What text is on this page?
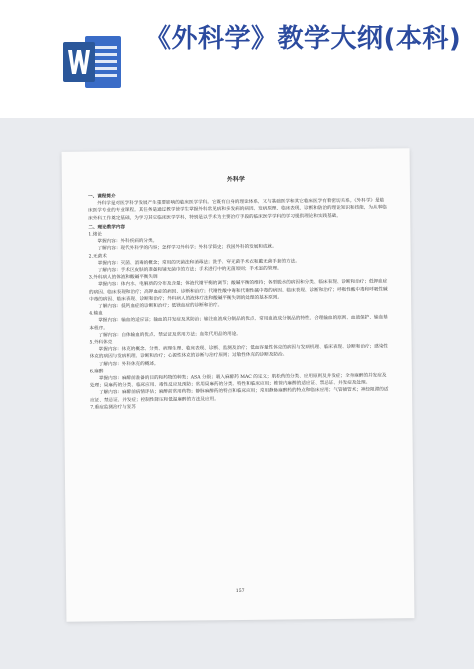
《外科学》教学大纲(本科)
外科学

一、课程简介

外科学是对医学科学发展产生重要影响的临床医学学科。它既有自身的理论体系，又与基础医学和其它临床医学有着密切关系。《外科学》是临床医学专业的专业课程。其任务是通过教学使学生掌握外科常见病和多发病的病因、发病原理、临床表现、诊断和防治的理论知识和技能，为从事临床外科工作奠定基础，为学习其它临床医学学科，特别是以手术为主要治疗手段的临床医学学科的学习提供理论和实践基础。

二、理论教学内容

1.绪论

掌握内容：外科疾病的分类。

了解内容：现代外科学的内容；怎样学习外科学；外科学简史；我国外科的发展和成就。

2.无菌术

掌握内容：灭菌、消毒的概念；常用的灭菌法和消毒法；洗手、穿无菌手术衣和戴无菌手套的方法。

了解内容：手术区皮肤的准备和铺无菌巾的方法；手术进行中的无菌原则；手术室的管理。

3.外科病人的体液和酸碱平衡失调

掌握内容：体内水、电解质的分布及含量；体液代谢平衡的调节；酸碱平衡的维持；各型脱水的病因和分类、临床表现、诊断和治疗；低钾血症的病因、临床表现和治疗；高钾血症的病因、诊断和治疗；代谢性酸中毒和代谢性碱中毒的病因、临床表现、诊断和治疗；呼吸性酸中毒和呼吸性碱中毒的病因、临床表现、诊断和治疗；外科病人的液体疗法和酸碱平衡失调的处理的基本原则。

了解内容：低钙血症的诊断和治疗；低镁血症的诊断和治疗。

4.输血

掌握内容：输血的适应证；输血的并发症及其防治；输注血液成分制品的优点、常用血液成分制品的特性、合理输血的原则、血液保护、输血基本程序。

了解内容：自体输血的优点、禁忌证及常用方法；血浆代用品的用途。

5.外科休克

掌握内容：休克的概念、分类、病理生理、临床表现、诊断、监测及治疗；低血容量性休克的病因与发病机理、临床表现、诊断和治疗；感染性休克的病因与发病机理、诊断和治疗；心源性休克的诊断与治疗原则；过敏性休克的诊断及防治。

了解内容：外科休克的概述。

6.麻醉

掌握内容：麻醉前准备的目的和药物的种类；ASA 分级；吸入麻醉药 MAC 的定义；肌松药的分类、应用原则及并发症；全身麻醉的并发症及处理；局麻药的分类、临床应用、毒性反应及预防；常用局麻药的分类、特性和临床应用；椎管内麻醉的适应证、禁忌证、并发症及处理。

了解内容：麻醉前病情评估；麻醉前常用药物；静脉麻醉药的特点和临床应用；常用静脉麻醉药的特点和临床应用；气管插管术；神经阻滞的适应证、禁忌证、并发症；控制性降压和低温麻醉的方法及应用。

7.重症监测治疗与复苏

157
